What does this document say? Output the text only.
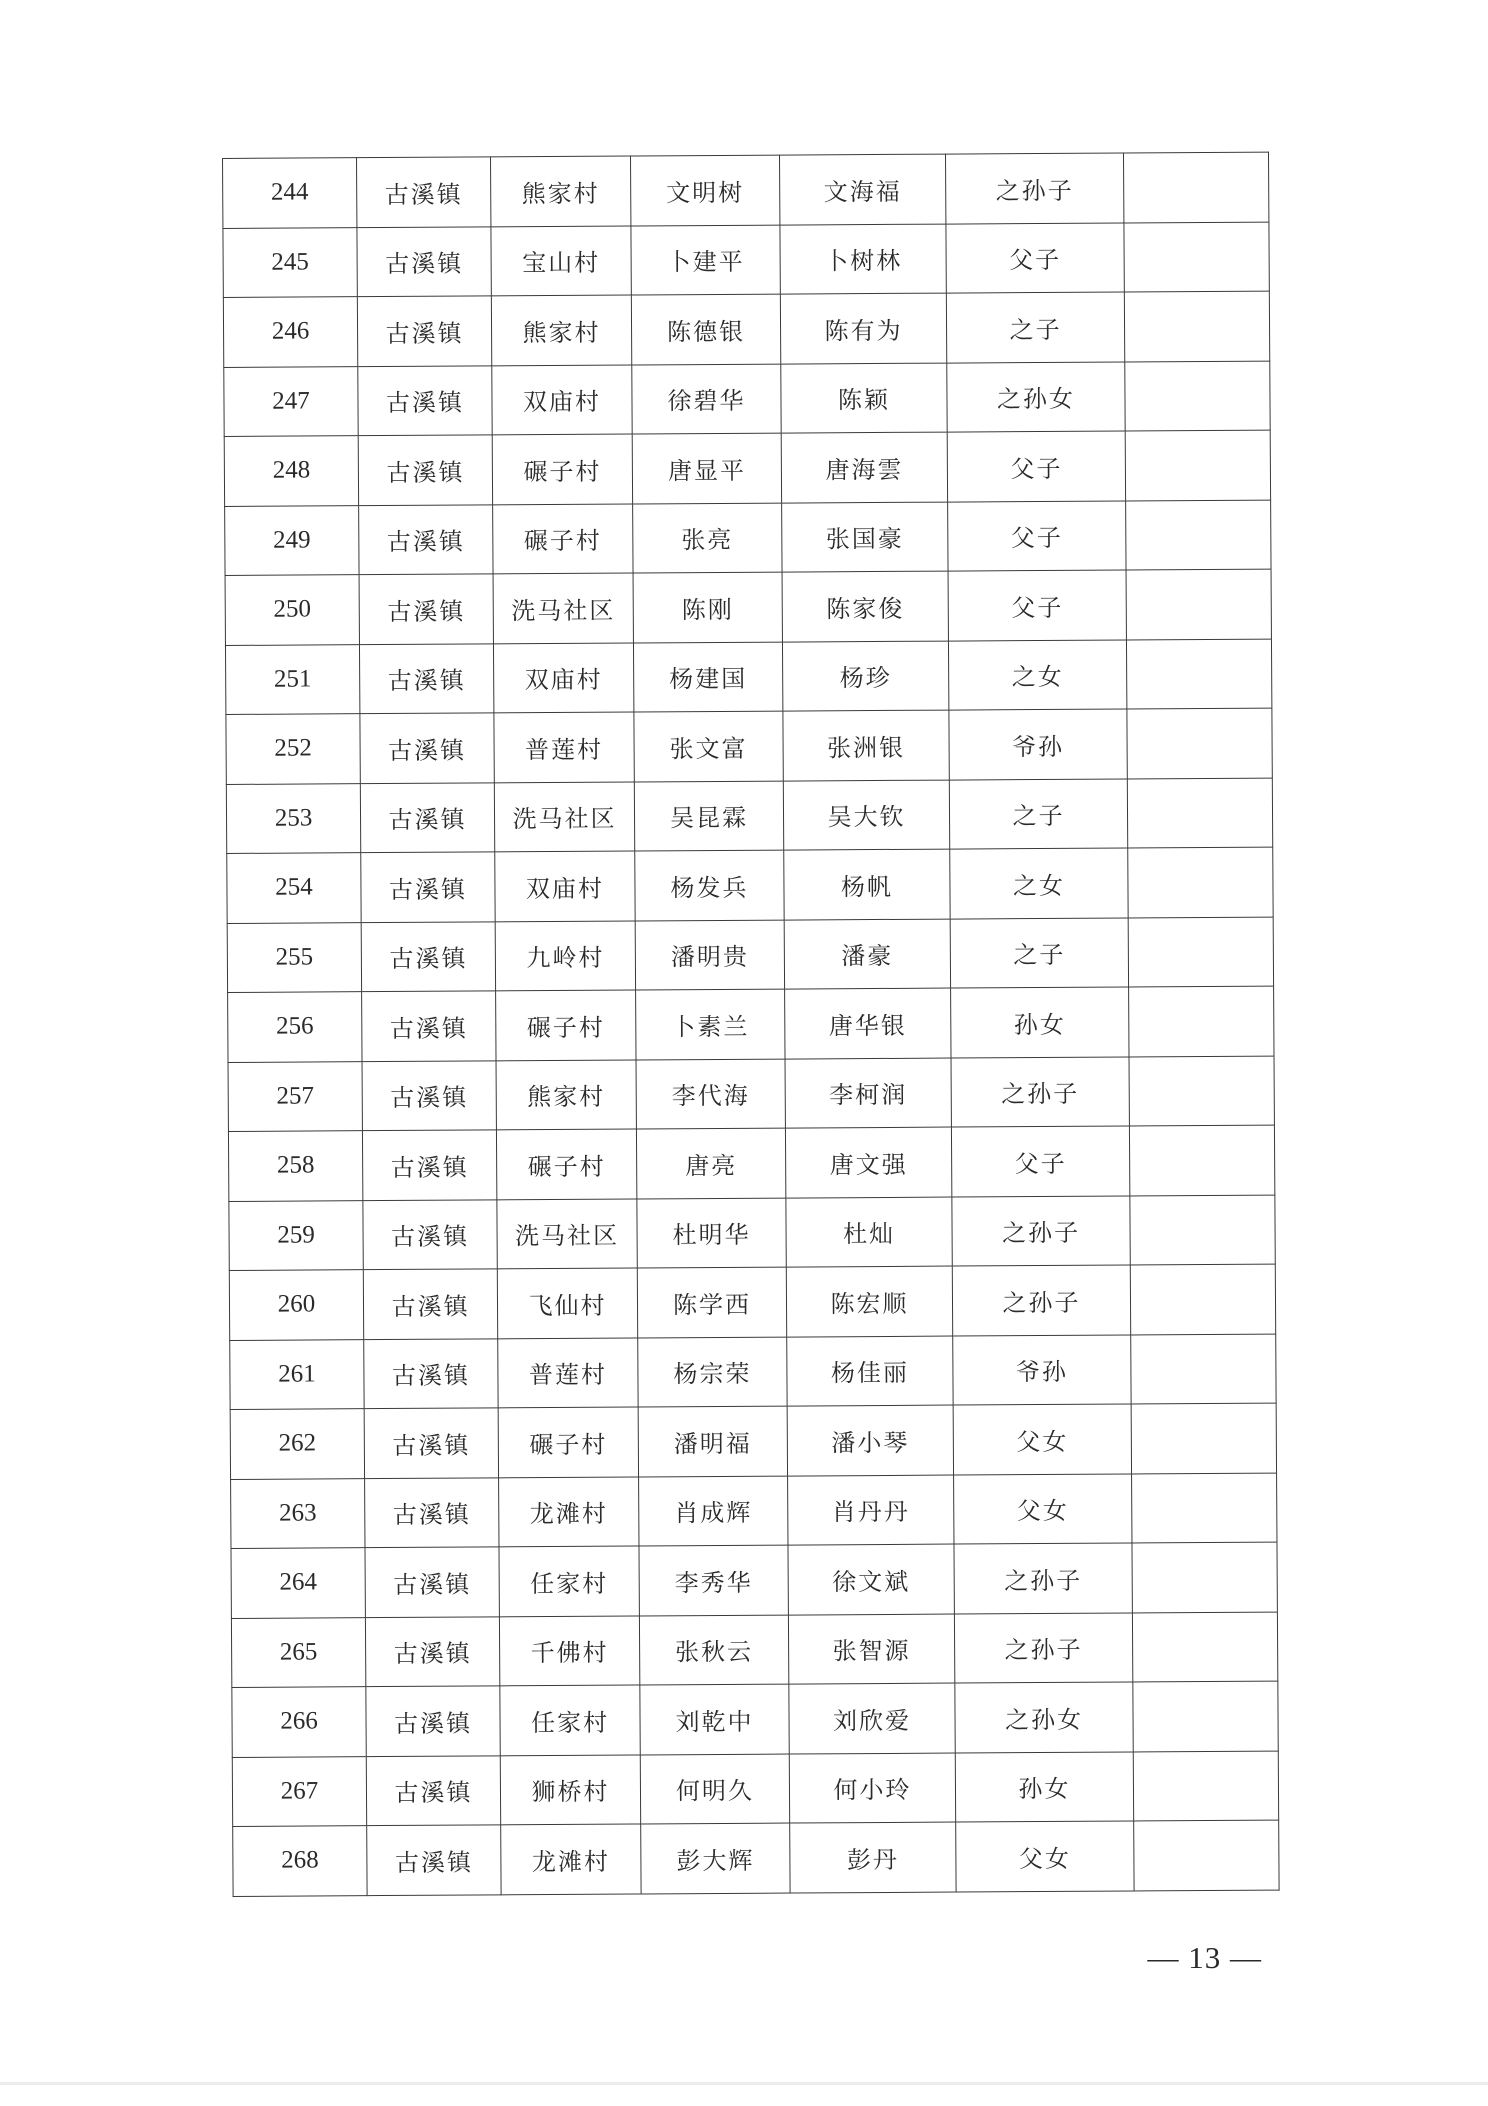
244	古溪镇	熊家村	文明树	文海福	之孙子	
245	古溪镇	宝山村	卜建平	卜树林	父子	
246	古溪镇	熊家村	陈德银	陈有为	之子	
247	古溪镇	双庙村	徐碧华	陈颖	之孙女	
248	古溪镇	碾子村	唐显平	唐海雲	父子	
249	古溪镇	碾子村	张亮	张国豪	父子	
250	古溪镇	洗马社区	陈刚	陈家俊	父子	
251	古溪镇	双庙村	杨建国	杨珍	之女	
252	古溪镇	普莲村	张文富	张洲银	爷孙	
253	古溪镇	洗马社区	吴昆霖	吴大钦	之子	
254	古溪镇	双庙村	杨发兵	杨帆	之女	
255	古溪镇	九岭村	潘明贵	潘豪	之子	
256	古溪镇	碾子村	卜素兰	唐华银	孙女	
257	古溪镇	熊家村	李代海	李柯润	之孙子	
258	古溪镇	碾子村	唐亮	唐文强	父子	
259	古溪镇	洗马社区	杜明华	杜灿	之孙子	
260	古溪镇	飞仙村	陈学西	陈宏顺	之孙子	
261	古溪镇	普莲村	杨宗荣	杨佳丽	爷孙	
262	古溪镇	碾子村	潘明福	潘小琴	父女	
263	古溪镇	龙滩村	肖成辉	肖丹丹	父女	
264	古溪镇	任家村	李秀华	徐文斌	之孙子	
265	古溪镇	千佛村	张秋云	张智源	之孙子	
266	古溪镇	任家村	刘乾中	刘欣爱	之孙女	
267	古溪镇	狮桥村	何明久	何小玲	孙女	
268	古溪镇	龙滩村	彭大辉	彭丹	父女	
— 13 —
